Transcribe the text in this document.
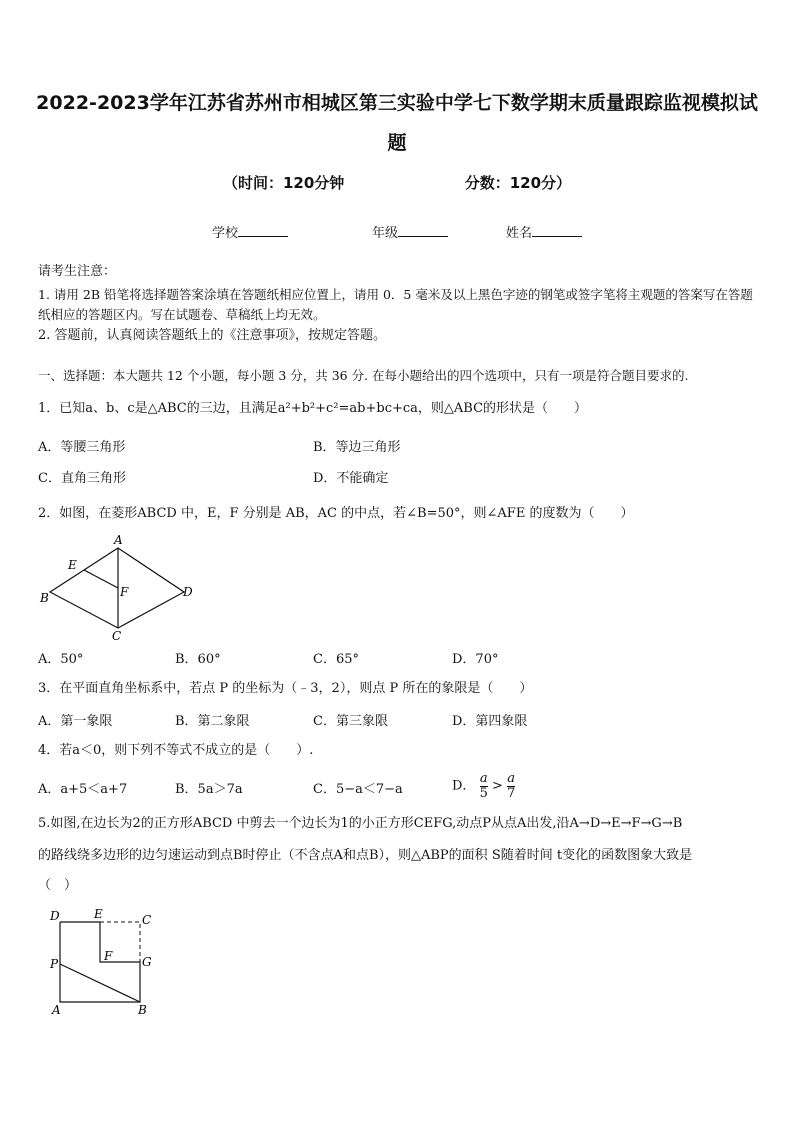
2022-2023学年江苏省苏州市相城区第三实验中学七下数学期末质量跟踪监视模拟试
题
（时间：120分钟	分数：120分）
学校	年级	姓名
请考生注意：
1. 请用 2B 铅笔将选择题答案涂填在答题纸相应位置上，请用 0．5 毫米及以上黑色字迹的钢笔或签字笔将主观题的答案写在答题纸相应的答题区内。写在试题卷、草稿纸上均无效。
2. 答题前，认真阅读答题纸上的《注意事项》，按规定答题。
一、选择题：本大题共 12 个小题，每小题 3 分，共 36 分. 在每小题给出的四个选项中，只有一项是符合题目要求的.
1．已知a、b、c是△ABC的三边，且满足a²+b²+c²=ab+bc+ca，则△ABC的形状是（　　）
A．等腰三角形	B．等边三角形
C．直角三角形	D．不能确定
2．如图，在菱形ABCD 中，E，F 分别是 AB，AC 的中点，若∠B=50°，则∠AFE 的度数为（　　）
A
E
F
B	D
C
A．50°	B．60°	C．65°	D．70°
3．在平面直角坐标系中，若点 P 的坐标为（﹣3，2），则点 P 所在的象限是（　　）
A．第一象限	B．第二象限	C．第三象限	D．第四象限
4．若a＜0，则下列不等式不成立的是（　　）.
A．a+5＜a+7	B．5a＞7a	C．5−a＜7−a	D． $\frac{a}{5} > \frac{a}{7}$
5.如图,在边长为2的正方形ABCD 中剪去一个边长为1的小正方形CEFG,动点P从点A出发,沿A→D→E→F→G→B
的路线绕多边形的边匀速运动到点B时停止（不含点A和点B），则△ABP的面积 S随着时间 t变化的函数图象大致是
（　）
D	E	C
F G
P
A	B
